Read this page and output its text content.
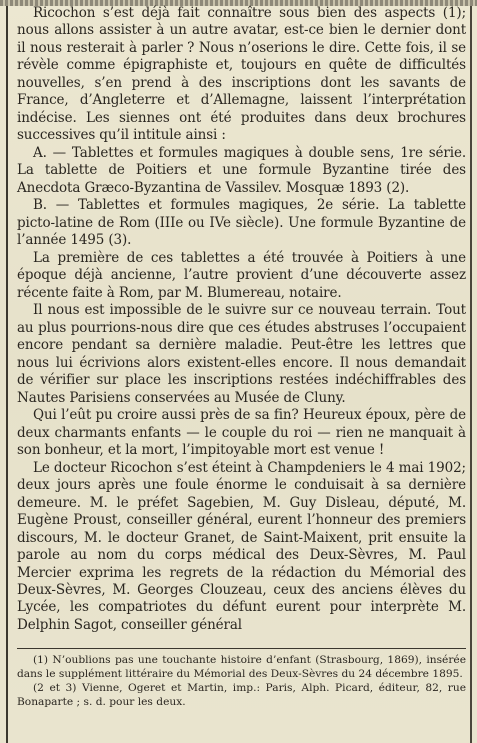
Ricochon s’est déjà fait connaître sous bien des aspects (1); nous allons assister à un autre avatar, est-ce bien le dernier dont il nous resterait à parler ? Nous n’oserions le dire. Cette fois, il se révèle comme épigraphiste et, toujours en quête de difficultés nouvelles, s’en prend à des inscriptions dont les savants de France, d’Angleterre et d’Allemagne, laissent l’interprétation indécise. Les siennes ont été produites dans deux brochures successives qu’il intitule ainsi :

A. — Tablettes et formules magiques à double sens, 1re série. La tablette de Poitiers et une formule Byzantine tirée des Anecdota Græco-Byzantina de Vassilev. Mosquæ 1893 (2).

B. — Tablettes et formules magiques, 2e série. La tablette picto-latine de Rom (IIIe ou IVe siècle). Une formule Byzantine de l’année 1495 (3).

La première de ces tablettes a été trouvée à Poitiers à une époque déjà ancienne, l’autre provient d’une découverte assez récente faite à Rom, par M. Blumereau, notaire.

Il nous est impossible de le suivre sur ce nouveau terrain. Tout au plus pourrions-nous dire que ces études abstruses l’occupaient encore pendant sa dernière maladie. Peut-être les lettres que nous lui écrivions alors existent-elles encore. Il nous demandait de vérifier sur place les inscriptions restées indéchiffrables des Nautes Parisiens conservées au Musée de Cluny.

Qui l’eût pu croire aussi près de sa fin? Heureux époux, père de deux charmants enfants — le couple du roi — rien ne manquait à son bonheur, et la mort, l’impitoyable mort est venue !

Le docteur Ricochon s’est éteint à Champdeniers le 4 mai 1902; deux jours après une foule énorme le conduisait à sa dernière demeure. M. le préfet Sagebien, M. Guy Disleau, député, M. Eugène Proust, conseiller général, eurent l’honneur des premiers discours, M. le docteur Granet, de Saint-Maixent, prit ensuite la parole au nom du corps médical des Deux-Sèvres, M. Paul Mercier exprima les regrets de la rédaction du Mémorial des Deux-Sèvres, M. Georges Clouzeau, ceux des anciens élèves du Lycée, les compatriotes du défunt eurent pour interprète M. Delphin Sagot, conseiller général

(1) N’oublions pas une touchante histoire d’enfant (Strasbourg, 1869), insérée dans le supplément littéraire du Mémorial des Deux-Sèvres du 24 décembre 1895.

(2 et 3) Vienne, Ogeret et Martin, imp.: Paris, Alph. Picard, éditeur, 82, rue Bonaparte ; s. d. pour les deux.
